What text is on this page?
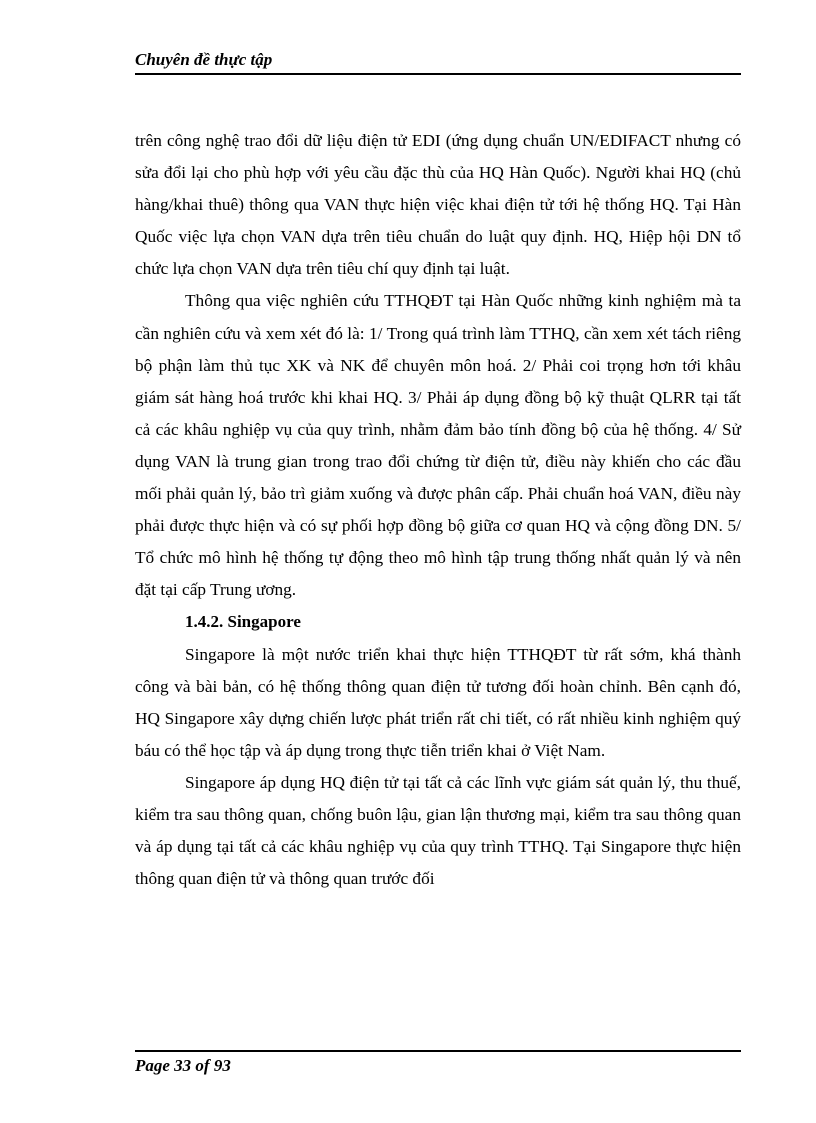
Chuyên đề thực tập

trên công nghệ trao đổi dữ liệu điện tử EDI (ứng dụng chuẩn UN/EDIFACT nhưng có sửa đổi lại cho phù hợp với yêu cầu đặc thù của HQ Hàn Quốc). Người khai HQ (chủ hàng/khai thuê) thông qua VAN thực hiện việc khai điện tử tới hệ thống HQ. Tại Hàn Quốc việc lựa chọn VAN dựa trên tiêu chuẩn do luật quy định. HQ, Hiệp hội DN tổ chức lựa chọn VAN dựa trên tiêu chí quy định tại luật.

Thông qua việc nghiên cứu TTHQĐT tại Hàn Quốc những kinh nghiệm mà ta cần nghiên cứu và xem xét đó là: 1/ Trong quá trình làm TTHQ, cần xem xét tách riêng bộ phận làm thủ tục XK và NK để chuyên môn hoá. 2/ Phải coi trọng hơn tới khâu giám sát hàng hoá trước khi khai HQ. 3/ Phải áp dụng đồng bộ kỹ thuật QLRR tại tất cả các khâu nghiệp vụ của quy trình, nhằm đảm bảo tính đồng bộ của hệ thống. 4/ Sử dụng VAN là trung gian trong trao đổi chứng từ điện tử, điều này khiến cho các đầu mối phải quản lý, bảo trì giảm xuống và được phân cấp. Phải chuẩn hoá VAN, điều này phải được thực hiện và có sự phối hợp đồng bộ giữa cơ quan HQ và cộng đồng DN. 5/ Tổ chức mô hình hệ thống tự động theo mô hình tập trung thống nhất quản lý và nên đặt tại cấp Trung ương.

1.4.2. Singapore

Singapore là một nước triển khai thực hiện TTHQĐT từ rất sớm, khá thành công và bài bản, có hệ thống thông quan điện tử tương đối hoàn chỉnh. Bên cạnh đó, HQ Singapore xây dựng chiến lược phát triển rất chi tiết, có rất nhiều kinh nghiệm quý báu có thể học tập và áp dụng trong thực tiễn triển khai ở Việt Nam.

Singapore áp dụng HQ điện tử tại tất cả các lĩnh vực giám sát quản lý, thu thuế, kiểm tra sau thông quan, chống buôn lậu, gian lận thương mại, kiểm tra sau thông quan và áp dụng tại tất cả các khâu nghiệp vụ của quy trình TTHQ. Tại Singapore thực hiện thông quan điện tử và thông quan trước đối

Page 33 of 93
